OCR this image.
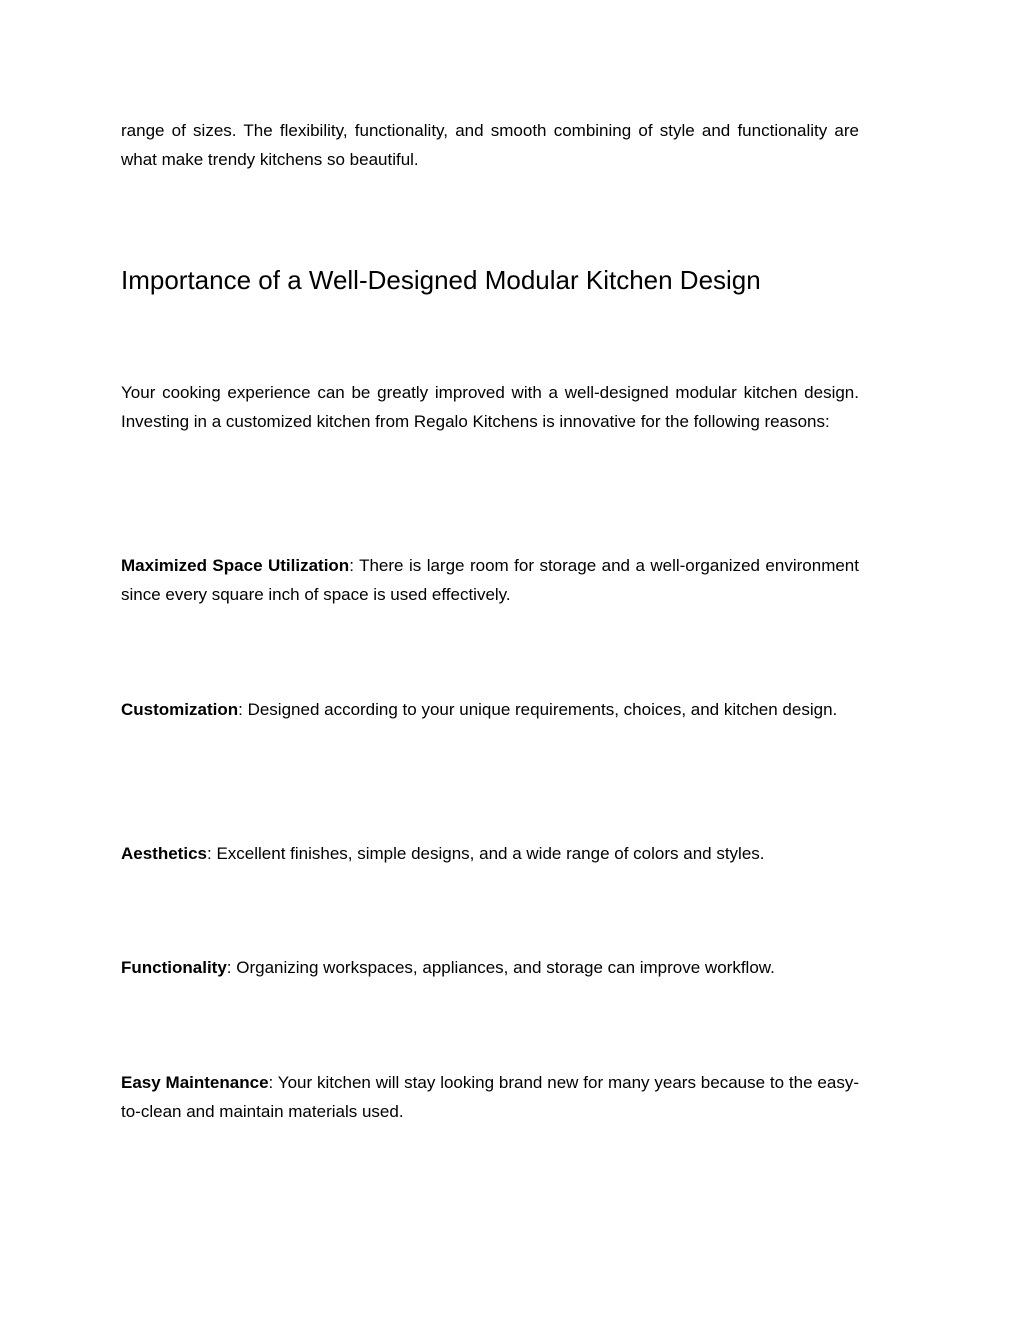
range of sizes. The flexibility, functionality, and smooth combining of style and functionality are what make trendy kitchens so beautiful.

Importance of a Well-Designed Modular Kitchen Design

Your cooking experience can be greatly improved with a well-designed modular kitchen design. Investing in a customized kitchen from Regalo Kitchens is innovative for the following reasons:

Maximized Space Utilization: There is large room for storage and a well-organized environment since every square inch of space is used effectively.

Customization: Designed according to your unique requirements, choices, and kitchen design.

Aesthetics: Excellent finishes, simple designs, and a wide range of colors and styles.

Functionality: Organizing workspaces, appliances, and storage can improve workflow.

Easy Maintenance: Your kitchen will stay looking brand new for many years because to the easy-to-clean and maintain materials used.
